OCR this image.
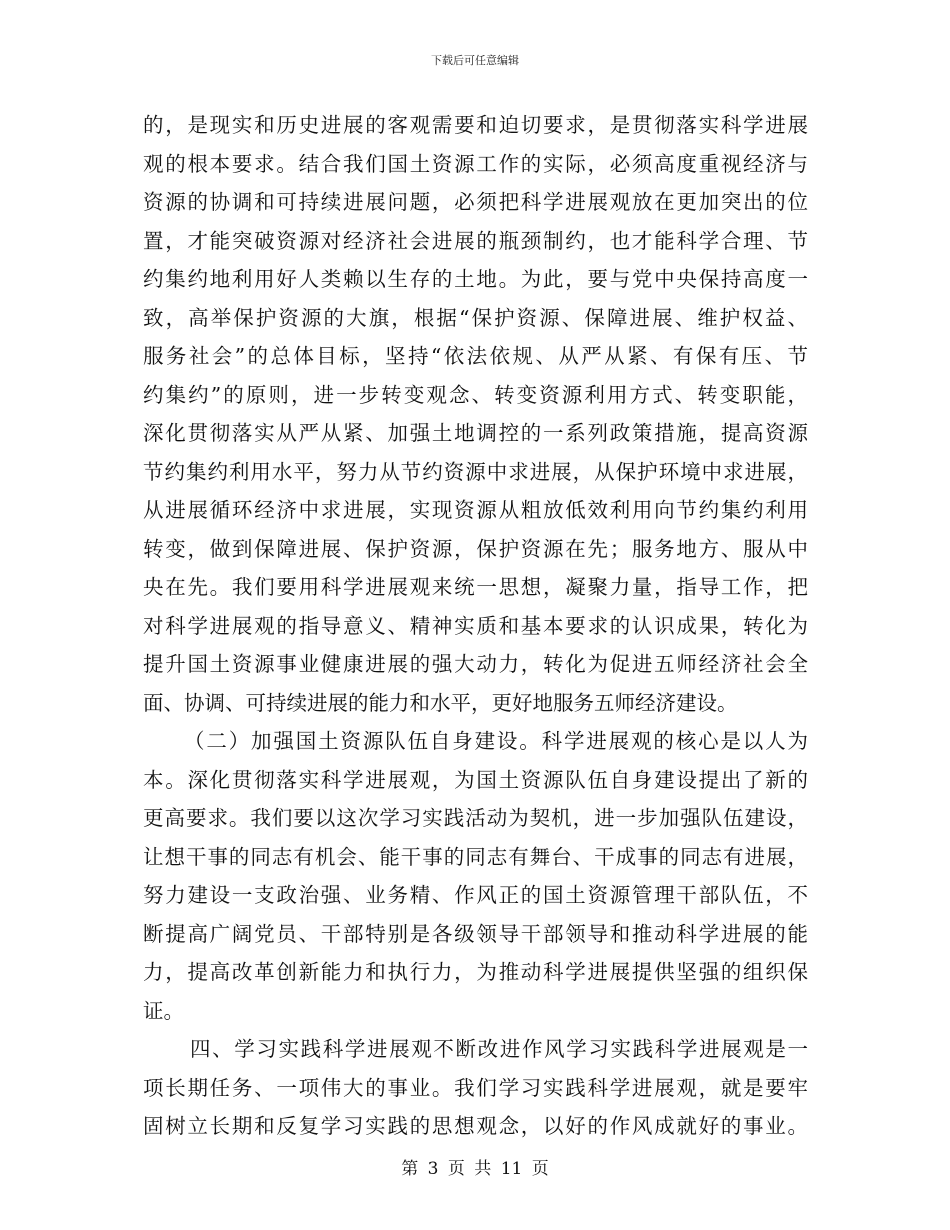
下载后可任意编辑
的，是现实和历史进展的客观需要和迫切要求，是贯彻落实科学进展
观的根本要求。结合我们国土资源工作的实际，必须高度重视经济与
资源的协调和可持续进展问题，必须把科学进展观放在更加突出的位
置，才能突破资源对经济社会进展的瓶颈制约，也才能科学合理、节
约集约地利用好人类赖以生存的土地。为此，要与党中央保持高度一
致，高举保护资源的大旗，根据“保护资源、保障进展、维护权益、
服务社会”的总体目标，坚持“依法依规、从严从紧、有保有压、节
约集约”的原则，进一步转变观念、转变资源利用方式、转变职能，
深化贯彻落实从严从紧、加强土地调控的一系列政策措施，提高资源
节约集约利用水平，努力从节约资源中求进展，从保护环境中求进展，
从进展循环经济中求进展，实现资源从粗放低效利用向节约集约利用
转变，做到保障进展、保护资源，保护资源在先；服务地方、服从中
央在先。我们要用科学进展观来统一思想，凝聚力量，指导工作，把
对科学进展观的指导意义、精神实质和基本要求的认识成果，转化为
提升国土资源事业健康进展的强大动力，转化为促进五师经济社会全
面、协调、可持续进展的能力和水平，更好地服务五师经济建设。
（二）加强国土资源队伍自身建设。科学进展观的核心是以人为
本。深化贯彻落实科学进展观，为国土资源队伍自身建设提出了新的
更高要求。我们要以这次学习实践活动为契机，进一步加强队伍建设，
让想干事的同志有机会、能干事的同志有舞台、干成事的同志有进展，
努力建设一支政治强、业务精、作风正的国土资源管理干部队伍，不
断提高广阔党员、干部特别是各级领导干部领导和推动科学进展的能
力，提高改革创新能力和执行力，为推动科学进展提供坚强的组织保
证。
四、学习实践科学进展观不断改进作风学习实践科学进展观是一
项长期任务、一项伟大的事业。我们学习实践科学进展观，就是要牢
固树立长期和反复学习实践的思想观念，以好的作风成就好的事业。
第 3 页 共 11 页
